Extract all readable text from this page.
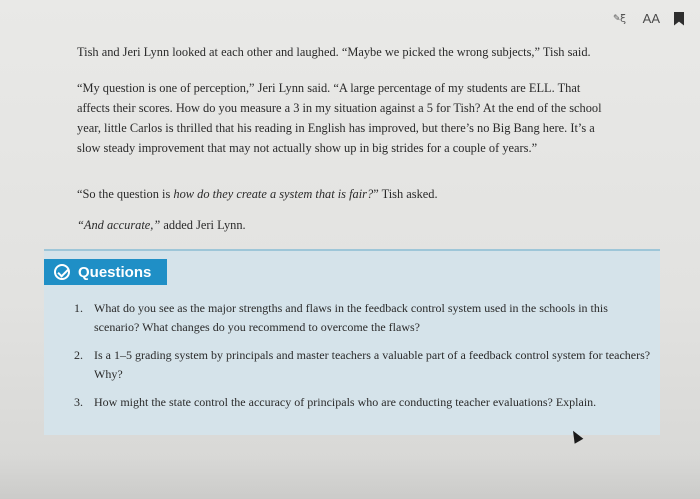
✎ ξ AA

Tish and Jeri Lynn looked at each other and laughed. “Maybe we picked the wrong subjects,” Tish said.

“My question is one of perception,” Jeri Lynn said. “A large percentage of my students are ELL. That
affects their scores. How do you measure a 3 in my situation against a 5 for Tish? At the end of the school
year, little Carlos is thrilled that his reading in English has improved, but there’s no Big Bang here. It’s a
slow steady improvement that may not actually show up in big strides for a couple of years.”

“So the question is how do they create a system that is fair?” Tish asked.

“And accurate,” added Jeri Lynn.

Questions
1. What do you see as the major strengths and flaws in the feedback control system used in the schools in this scenario? What changes do you recommend to overcome the flaws?
2. Is a 1–5 grading system by principals and master teachers a valuable part of a feedback control system for teachers? Why?
3. How might the state control the accuracy of principals who are conducting teacher evaluations? Explain.
